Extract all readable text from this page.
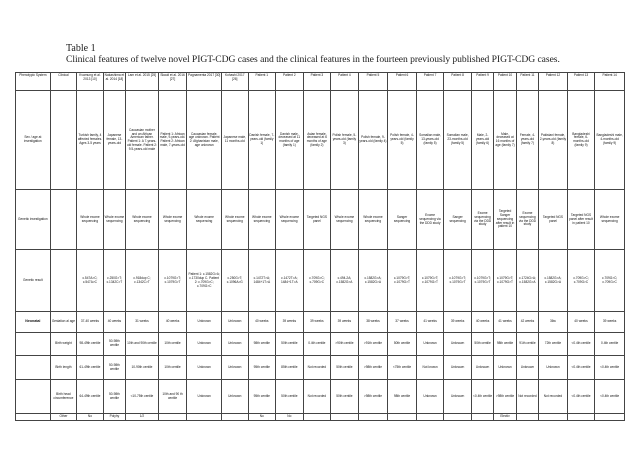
Table 1
Clinical features of twelve novel PIGT-CDG cases and the clinical features in the fourteen previously published PIGT-CDG cases.
Phenotypic System	Clinical	Kvarnung et al. 2013 [10]	Nakashima et al. 2014 [18]	Lam et al. 2015 [25]	Skauli et al. 2016 [27]	Pagnamenta 2017 [30]	Kohashi 2017 [26]	Patient 1	Patient 2	Patient 3	Patient 4	Patient 5	Patient 6	Patient 7	Patient 8	Patient 9	Patient 10	Patient 11	Patient 12	Patient 13	Patient 14
Sex / age at investigation		Turkish family, 4 affected females. Ages 3-5 years	Japanese female, 13-years-old	Caucasian mother and an African American father. Patient 1: A 7-years-old female. Patient 2: 9.5-years-old male	Patient 1: African male, 9-years-old. Patient 2: African male, 7-years-old	Caucasian female, age unknown. Patient 2: Afghanistan male, age unknown	Japanese male, 11 months-old	Danish female, 7-years-old (family 1)	Danish male, deceased at 11 months of age (family 1)	Asian female, deceased at 6 months of age (family 2)	Polish female, 5-years-old (family 3)	Polish female, 9-years-old (family 4)	Polish female, 4-years-old (family 5)	Somalian male, 13-years-old (family 5)	Somalian male, 23-months-old (family 5)	Male, 2-years-old (family 6)	Male, deceased at 16 months of age (family 7)	Female, 4-years-old (family 7)	Pakistani female, 2-years-old (family 8)	Bangladeshi female, 6-months-old (family 9)	Bangladeshi male, 4-months-old (family 9)
Genetic investigation		Whole exome sequencing	Whole exome sequencing	Whole exome sequencing	Whole exome sequencing	Whole exome sequencing	Whole exome sequencing	Whole exome sequencing	Whole exome sequencing	Targeted NGS panel	Whole exome sequencing	Whole exome sequencing	Sanger sequencing	Exome sequencing via the DDD study	Sanger sequencing	Exome sequencing via the DDD study	Targeted Sanger sequencing after result in patient 10	Exome sequencing via the DDD study	Targeted NGS panel	Targeted NGS panel after result in patient 10	Whole exome sequencing
Genetic result		c.547A>C; c.547A>C	c.250G>T; c.1342C>T	c.918dup C; c.1342C>T	c.1079G>T; c.1079G>T	Patient 1: c.1582G>A; c.1730dup C. Patient 2: c.709G>C; c.709G>C	c.250G>T; c.1096A>G	c.1472T>A; 1484+1T>A	c.1472T>A; 1484+1T>A	c.709G>C; c.709G>C	c.494-2A; c.1582G>A	c.1582G>A; c.1582G>A	c.1079G>T; c.1079G>T	c.1079G>T; c.1079G>T	c.1079G>T; c.1079G>T	c.1079G>T; c.1079G>T	c.1079G>T; c.1079G>T	c.1724G>A; c.1582G>A	c.1582G>A; c.1582G>A	c.709G>C; c.709G>C	c.709G>C; c.709G>C
Neonatal	Gestation al age	37-40 weeks	40 weeks	31 weeks	40 weeks	Unknown	Unknown	40 weeks	39 weeks	39 weeks	39 weeks	38 weeks	37 weeks	41 weeks	39 weeks	40 weeks	41 weeks	42 weeks	36w	40 weeks	39 weeks
	Birth weight	98-49th centile	50-98th centile	10th and 90th centile	10th centile	Unknown	Unknown	98th centile	50th centile	0.4th centile	>90th centile	>91th centile	50th centile	Unknown	Unknown	50th centile	98th centile	91th centile	72th centile	<0.4th centile	0.4th centile
	Birth length	61-49th centile	50-98th centile	10-90th centile	10th centile	Unknown	Unknown	95th centile	85th centile	Not recorded	50th centile	>98th centile	<75th centile	Not known	Unknown	Unknown	Unknown	Unknown	Unknown	<0.4th centile	<0.4th centile
	Birth head circumference	64-49th centile	50-98th centile	<10-75th centile	10th and 90 th centile	Unknown	Unknown	95th centile	50th centile	Not recorded	50th centile	>98th centile	98th centile	Unknown	Unknown	<0.4th centile	>98th centile	Not recorded	Not recorded	<0.4th centile	<0.4th centile
	Other	No	Polyhy	1/2				No	No								Electiv				
